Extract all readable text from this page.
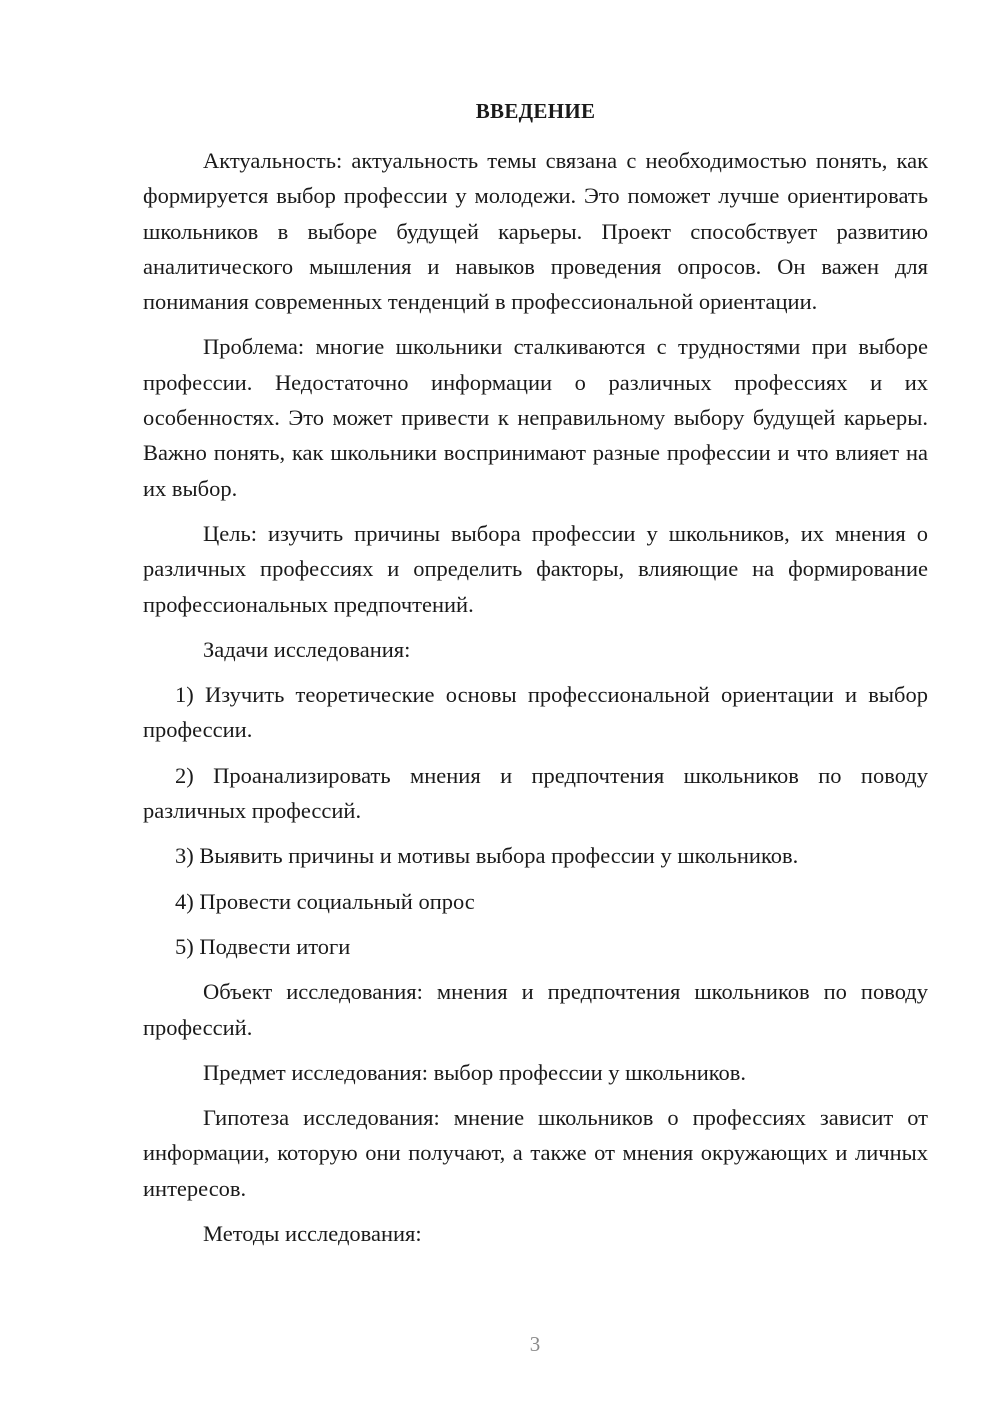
ВВЕДЕНИЕ

Актуальность: актуальность темы связана с необходимостью понять, как формируется выбор профессии у молодежи. Это поможет лучше ориентировать школьников в выборе будущей карьеры. Проект способствует развитию аналитического мышления и навыков проведения опросов. Он важен для понимания современных тенденций в профессиональной ориентации.

Проблема: многие школьники сталкиваются с трудностями при выборе профессии. Недостаточно информации о различных профессиях и их особенностях. Это может привести к неправильному выбору будущей карьеры. Важно понять, как школьники воспринимают разные профессии и что влияет на их выбор.

Цель: изучить причины выбора профессии у школьников, их мнения о различных профессиях и определить факторы, влияющие на формирование профессиональных предпочтений.

Задачи исследования:

1) Изучить теоретические основы профессиональной ориентации и выбор профессии.

2) Проанализировать мнения и предпочтения школьников по поводу различных профессий.

3) Выявить причины и мотивы выбора профессии у школьников.

4) Провести социальный опрос

5) Подвести итоги

Объект исследования: мнения и предпочтения школьников по поводу профессий.

Предмет исследования: выбор профессии у школьников.

Гипотеза исследования: мнение школьников о профессиях зависит от информации, которую они получают, а также от мнения окружающих и личных интересов.

Методы исследования:

3
